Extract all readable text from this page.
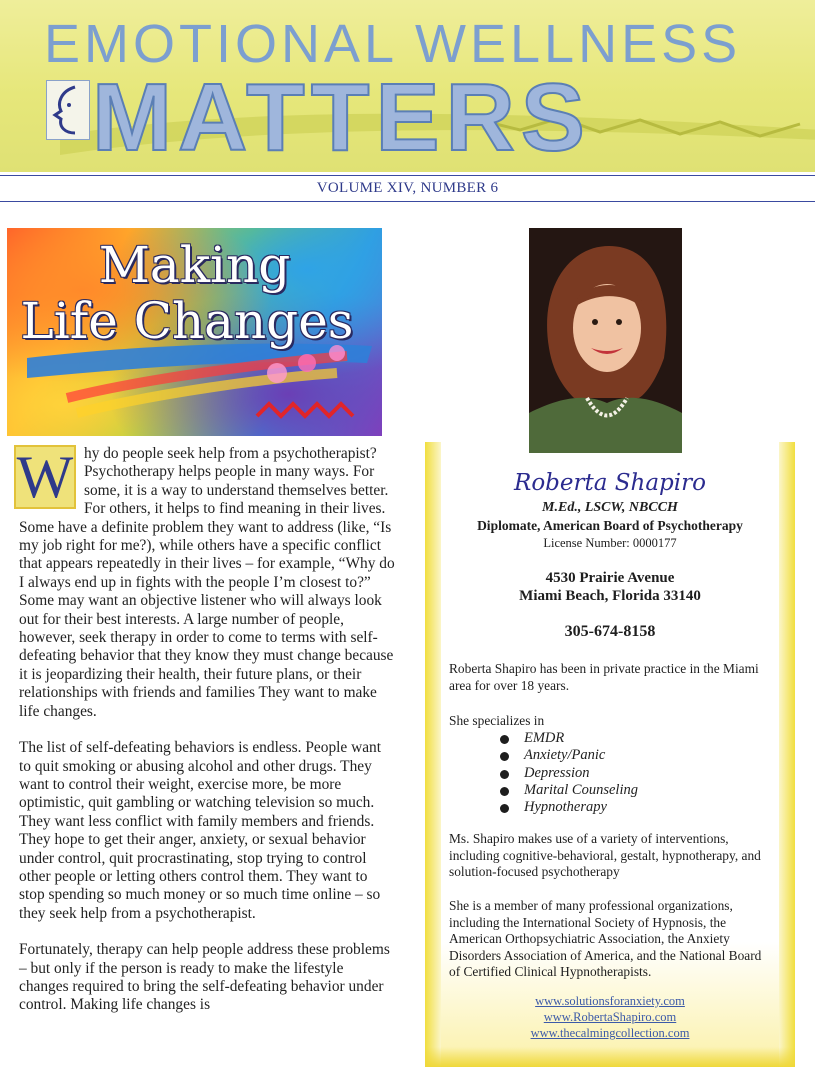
EMOTIONAL WELLNESS
MATTERS
VOLUME XIV, NUMBER 6
Making
Life Changes

W hy do people seek help from a psychotherapist? Psychotherapy helps people in many ways. For some, it is a way to understand themselves better. For others, it helps to find meaning in their lives. Some have a definite problem they want to address (like, “Is my job right for me?), while others have a specific conflict that appears repeatedly in their lives – for example, “Why do I always end up in fights with the people I’m closest to?” Some may want an objective listener who will always look out for their best interests. A large number of people, however, seek therapy in order to come to terms with self-defeating behavior that they know they must change because it is jeopardizing their health, their future plans, or their relationships with friends and families They want to make life changes.

The list of self-defeating behaviors is endless. People want to quit smoking or abusing alcohol and other drugs. They want to control their weight, exercise more, be more optimistic, quit gambling or watching television so much. They want less conflict with family members and friends. They hope to get their anger, anxiety, or sexual behavior under control, quit procrastinating, stop trying to control other people or letting others control them. They want to stop spending so much money or so much time online – so they seek help from a psychotherapist.

Fortunately, therapy can help people address these problems – but only if the person is ready to make the lifestyle changes required to bring the self-defeating behavior under control. Making life changes is

Roberta Shapiro
M.Ed., LSCW, NBCCH
Diplomate, American Board of Psychotherapy
License Number: 0000177
4530 Prairie Avenue
Miami Beach, Florida 33140
305-674-8158
Roberta Shapiro has been in private practice in the Miami area for over 18 years.
She specializes in
EMDR
Anxiety/Panic
Depression
Marital Counseling
Hypnotherapy
Ms. Shapiro makes use of a variety of interventions, including cognitive-behavioral, gestalt, hypnotherapy, and solution-focused psychotherapy
She is a member of many professional organizations, including the International Society of Hypnosis, the American Orthopsychiatric Association, the Anxiety Disorders Association of America, and the National Board of Certified Clinical Hypnotherapists.
www.solutionsforanxiety.com
www.RobertaShapiro.com
www.thecalmingcollection.com
